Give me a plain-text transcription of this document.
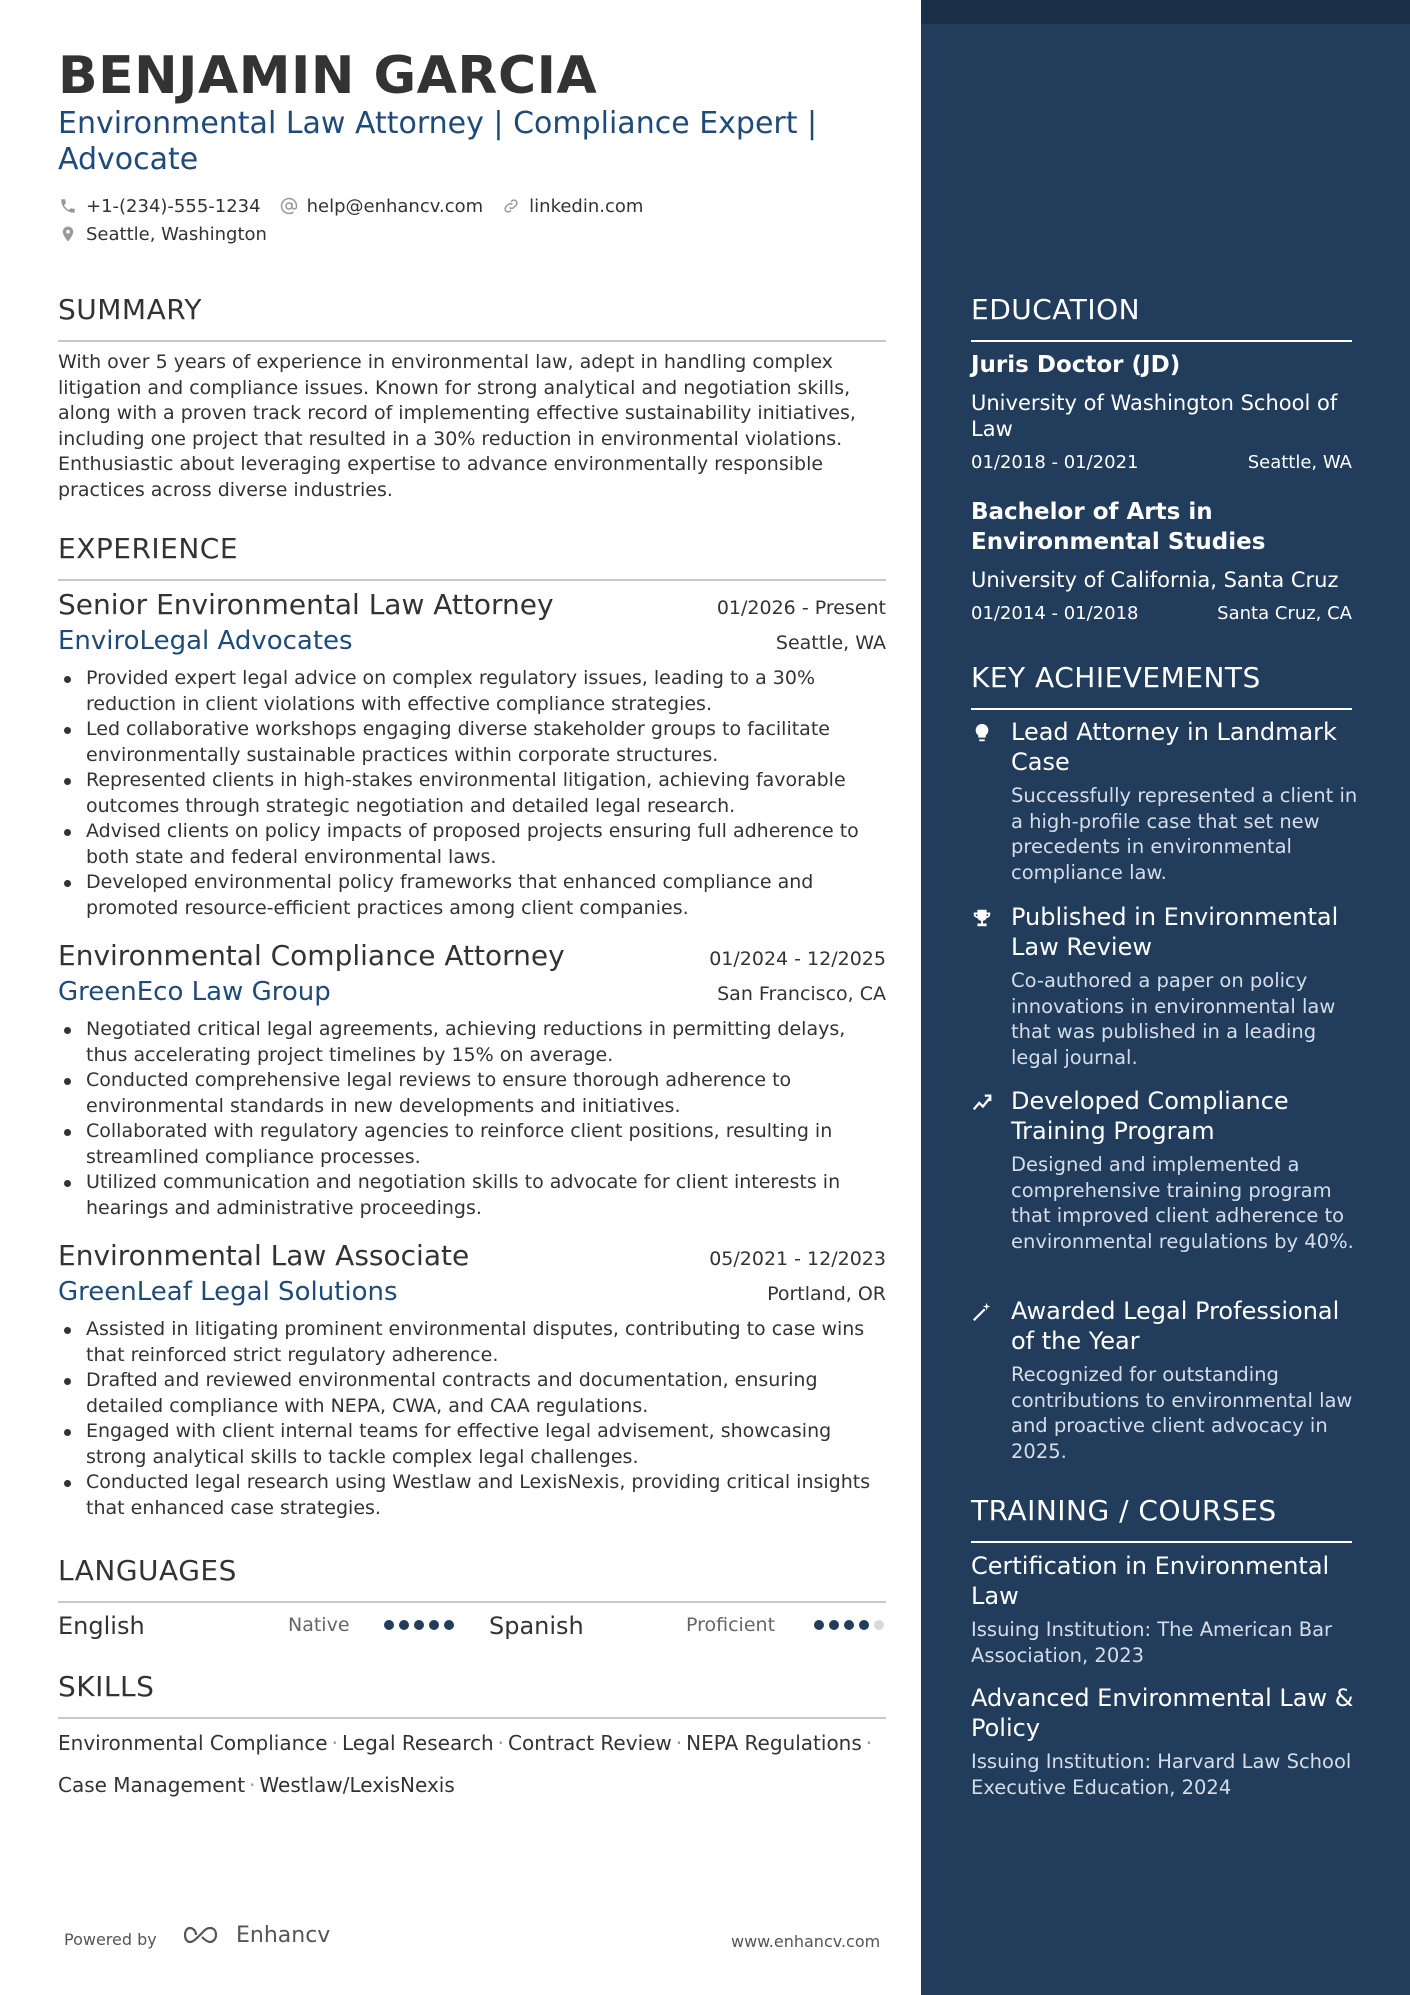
BENJAMIN GARCIA
Environmental Law Attorney | Compliance Expert | Advocate
+1-(234)-555-1234	help@enhancv.com	linkedin.com
Seattle, Washington
SUMMARY
With over 5 years of experience in environmental law, adept in handling complex litigation and compliance issues. Known for strong analytical and negotiation skills, along with a proven track record of implementing effective sustainability initiatives, including one project that resulted in a 30% reduction in environmental violations. Enthusiastic about leveraging expertise to advance environmentally responsible practices across diverse industries.
EXPERIENCE
Senior Environmental Law Attorney	01/2026 - Present
EnviroLegal Advocates	Seattle, WA
Provided expert legal advice on complex regulatory issues, leading to a 30% reduction in client violations with effective compliance strategies.
Led collaborative workshops engaging diverse stakeholder groups to facilitate environmentally sustainable practices within corporate structures.
Represented clients in high-stakes environmental litigation, achieving favorable outcomes through strategic negotiation and detailed legal research.
Advised clients on policy impacts of proposed projects ensuring full adherence to both state and federal environmental laws.
Developed environmental policy frameworks that enhanced compliance and promoted resource-efficient practices among client companies.
Environmental Compliance Attorney	01/2024 - 12/2025
GreenEco Law Group	San Francisco, CA
Negotiated critical legal agreements, achieving reductions in permitting delays, thus accelerating project timelines by 15% on average.
Conducted comprehensive legal reviews to ensure thorough adherence to environmental standards in new developments and initiatives.
Collaborated with regulatory agencies to reinforce client positions, resulting in streamlined compliance processes.
Utilized communication and negotiation skills to advocate for client interests in hearings and administrative proceedings.
Environmental Law Associate	05/2021 - 12/2023
GreenLeaf Legal Solutions	Portland, OR
Assisted in litigating prominent environmental disputes, contributing to case wins that reinforced strict regulatory adherence.
Drafted and reviewed environmental contracts and documentation, ensuring detailed compliance with NEPA, CWA, and CAA regulations.
Engaged with client internal teams for effective legal advisement, showcasing strong analytical skills to tackle complex legal challenges.
Conducted legal research using Westlaw and LexisNexis, providing critical insights that enhanced case strategies.
LANGUAGES
English	Native	Spanish	Proficient
SKILLS
Environmental Compliance · Legal Research · Contract Review · NEPA Regulations ·
Case Management · Westlaw/LexisNexis
Powered by	Enhancv	www.enhancv.com
EDUCATION
Juris Doctor (JD)
University of Washington School of Law
01/2018 - 01/2021	Seattle, WA
Bachelor of Arts in Environmental Studies
University of California, Santa Cruz
01/2014 - 01/2018	Santa Cruz, CA
KEY ACHIEVEMENTS
Lead Attorney in Landmark Case
Successfully represented a client in a high-profile case that set new precedents in environmental compliance law.
Published in Environmental Law Review
Co-authored a paper on policy innovations in environmental law that was published in a leading legal journal.
Developed Compliance Training Program
Designed and implemented a comprehensive training program that improved client adherence to environmental regulations by 40%.
Awarded Legal Professional of the Year
Recognized for outstanding contributions to environmental law and proactive client advocacy in 2025.
TRAINING / COURSES
Certification in Environmental Law
Issuing Institution: The American Bar Association, 2023
Advanced Environmental Law & Policy
Issuing Institution: Harvard Law School Executive Education, 2024
